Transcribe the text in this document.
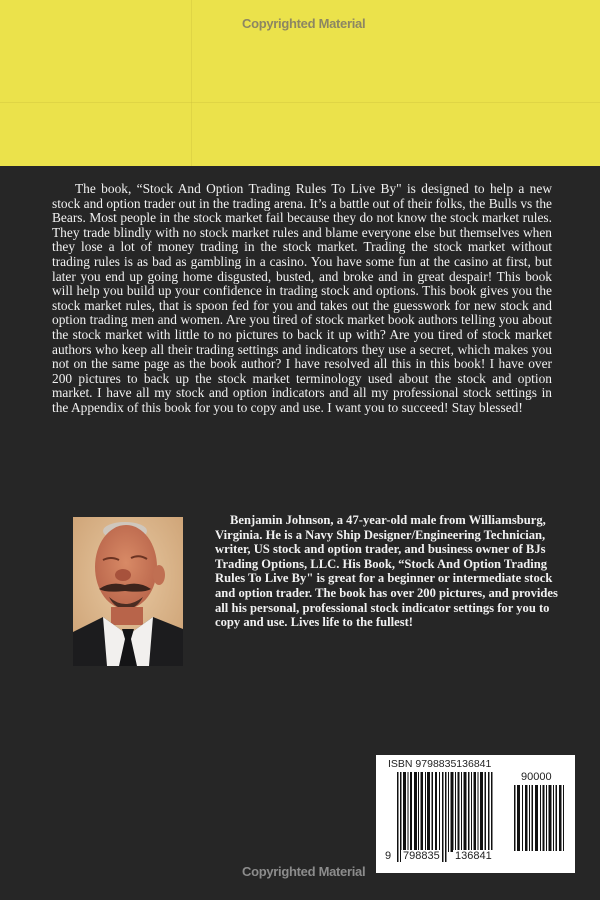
Copyrighted Material

The book, “Stock And Option Trading Rules To Live By" is designed to help a new stock and option trader out in the trading arena. It’s a battle out of their folks, the Bulls vs the Bears. Most people in the stock market fail because they do not know the stock market rules. They trade blindly with no stock market rules and blame everyone else but themselves when they lose a lot of money trading in the stock market. Trading the stock market without trading rules is as bad as gambling in a casino. You have some fun at the casino at first, but later you end up going home disgusted, busted, and broke and in great despair! This book will help you build up your confidence in trading stock and options. This book gives you the stock market rules, that is spoon fed for you and takes out the guesswork for new stock and option trading men and women. Are you tired of stock market book authors telling you about the stock market with little to no pictures to back it up with? Are you tired of stock market authors who keep all their trading settings and indicators they use a secret, which makes you not on the same page as the book author? I have resolved all this in this book! I have over 200 pictures to back up the stock market terminology used about the stock and option market. I have all my stock and option indicators and all my professional stock settings in the Appendix of this book for you to copy and use. I want you to succeed! Stay blessed!

Benjamin Johnson, a 47-year-old male from Williamsburg, Virginia. He is a Navy Ship Designer/Engineering Technician, writer, US stock and option trader, and business owner of BJs Trading Options, LLC. His Book, “Stock And Option Trading Rules To Live By" is great for a beginner or intermediate stock and option trader. The book has over 200 pictures, and provides all his personal, professional stock indicator settings for you to copy and use. Lives life to the fullest!

ISBN 9798835136841
90000
9 798835 136841
Copyrighted Material
